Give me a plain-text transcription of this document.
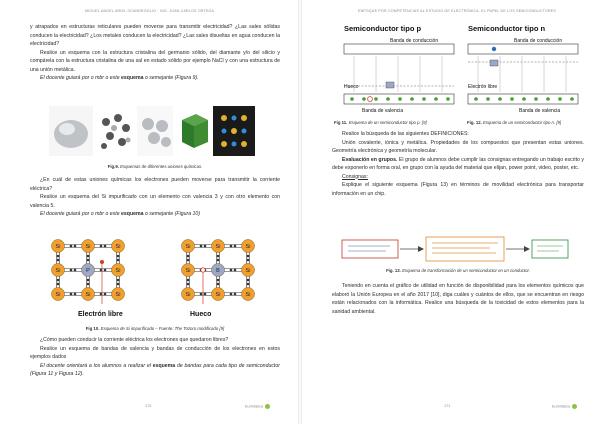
MIGUEL ANGEL ARIEL SCANDROGLIO · ING. JUAN CARLOS ORTEGA

y atrapados en estructuras reticulares pueden moverse para transmitir electricidad? ¿Las sales sólidas conducen la electricidad? ¿Los metales conducen la electricidad? ¿Las sales disueltas en agua conducen la electricidad?

Realice un esquema con la estructura cristalina del germanio sólido, del diamante y/o del silicio y compárela con la estructura cristalina de una sal en estado sólido por ejemplo NaCl y con una estructura de una unión metálica.

El docente guiará por o mbr o este esquema o semejante (Figura 9).

Fig.9. Esquemas de diferentes uniones químicas.

¿En cuál de estas uniones químicas los electrones pueden moverse para transmitir la corriente eléctrica?

Realice un esquema del Si impurificado con un elemento con valencia 3 y con otro elemento con valencia 5.

El docente guiará por o mbr o este esquema o semejante (Figura 10)

Si	Si	Si	Si	Si	Si
Si	P	Si	Si	B	Si
Si	Si	Si	Si	Si	Si
Electrón libre	Hueco
Fig 10. Esquema de Si impurificado – Fuente: The Tozoro modificado [9]

¿Cómo pueden conducir la corriente eléctrica los electrones que quedaron libres?

Realice un esquema de bandas de valencia y bandas de conducción de los electrones en estos ejemplos dados

El docente orientará a los alumnos a realizar el esquema de bandas para cada tipo de semiconductor (Figura 11 y Figura 12).

170	EurInfatica
ENFOQUE POR COMPETENCIAS AL ESTUDIO DE ELECTRÓNICA. EL PAPEL DE LOS SEMICONDUCTORES
Semiconductor tipo p
Banda de conducción
Banda de valencia
Hueco
Semiconductor tipo n
Banda de conducción
Banda de valencia
Electrón libre
Fig 11. Esquema de un semiconductor tipo p. [9]	Fig. 12. Esquema de un semiconductor tipo n. [9]

Realice la búsqueda de las siguientes DEFINICIONES:

Unión covalente, iónica y metálica. Propiedades de los compuestos que presentan estas uniones. Geometría electrónica y geometría molecular.

Evaluación en grupos. El grupo de alumnos debe cumplir las consignas entregando un trabajo escrito y debe exponerlo en forma oral, en grupo con la ayuda del material que elijan, power point, video, poster, etc.

Consignas:

Explique el siguiente esquema (Figura 13) en términos de movilidad electrónica para transportar información en un chip.

Fig. 13. Esquema de transformación de un semiconductor en un conductor.

Teniendo en cuenta el gráfico de utilidad en función de disponibilidad para los elementos químicos que elaboró la Unión Europea en el año 2017 [10], diga cuáles y cuántos de ellos, que se encuentran en riesgo están relacionados con la informática. Realice una búsqueda de la toxicidad de estos elementos para la sanidad ambiental.

171	EurInfatica
